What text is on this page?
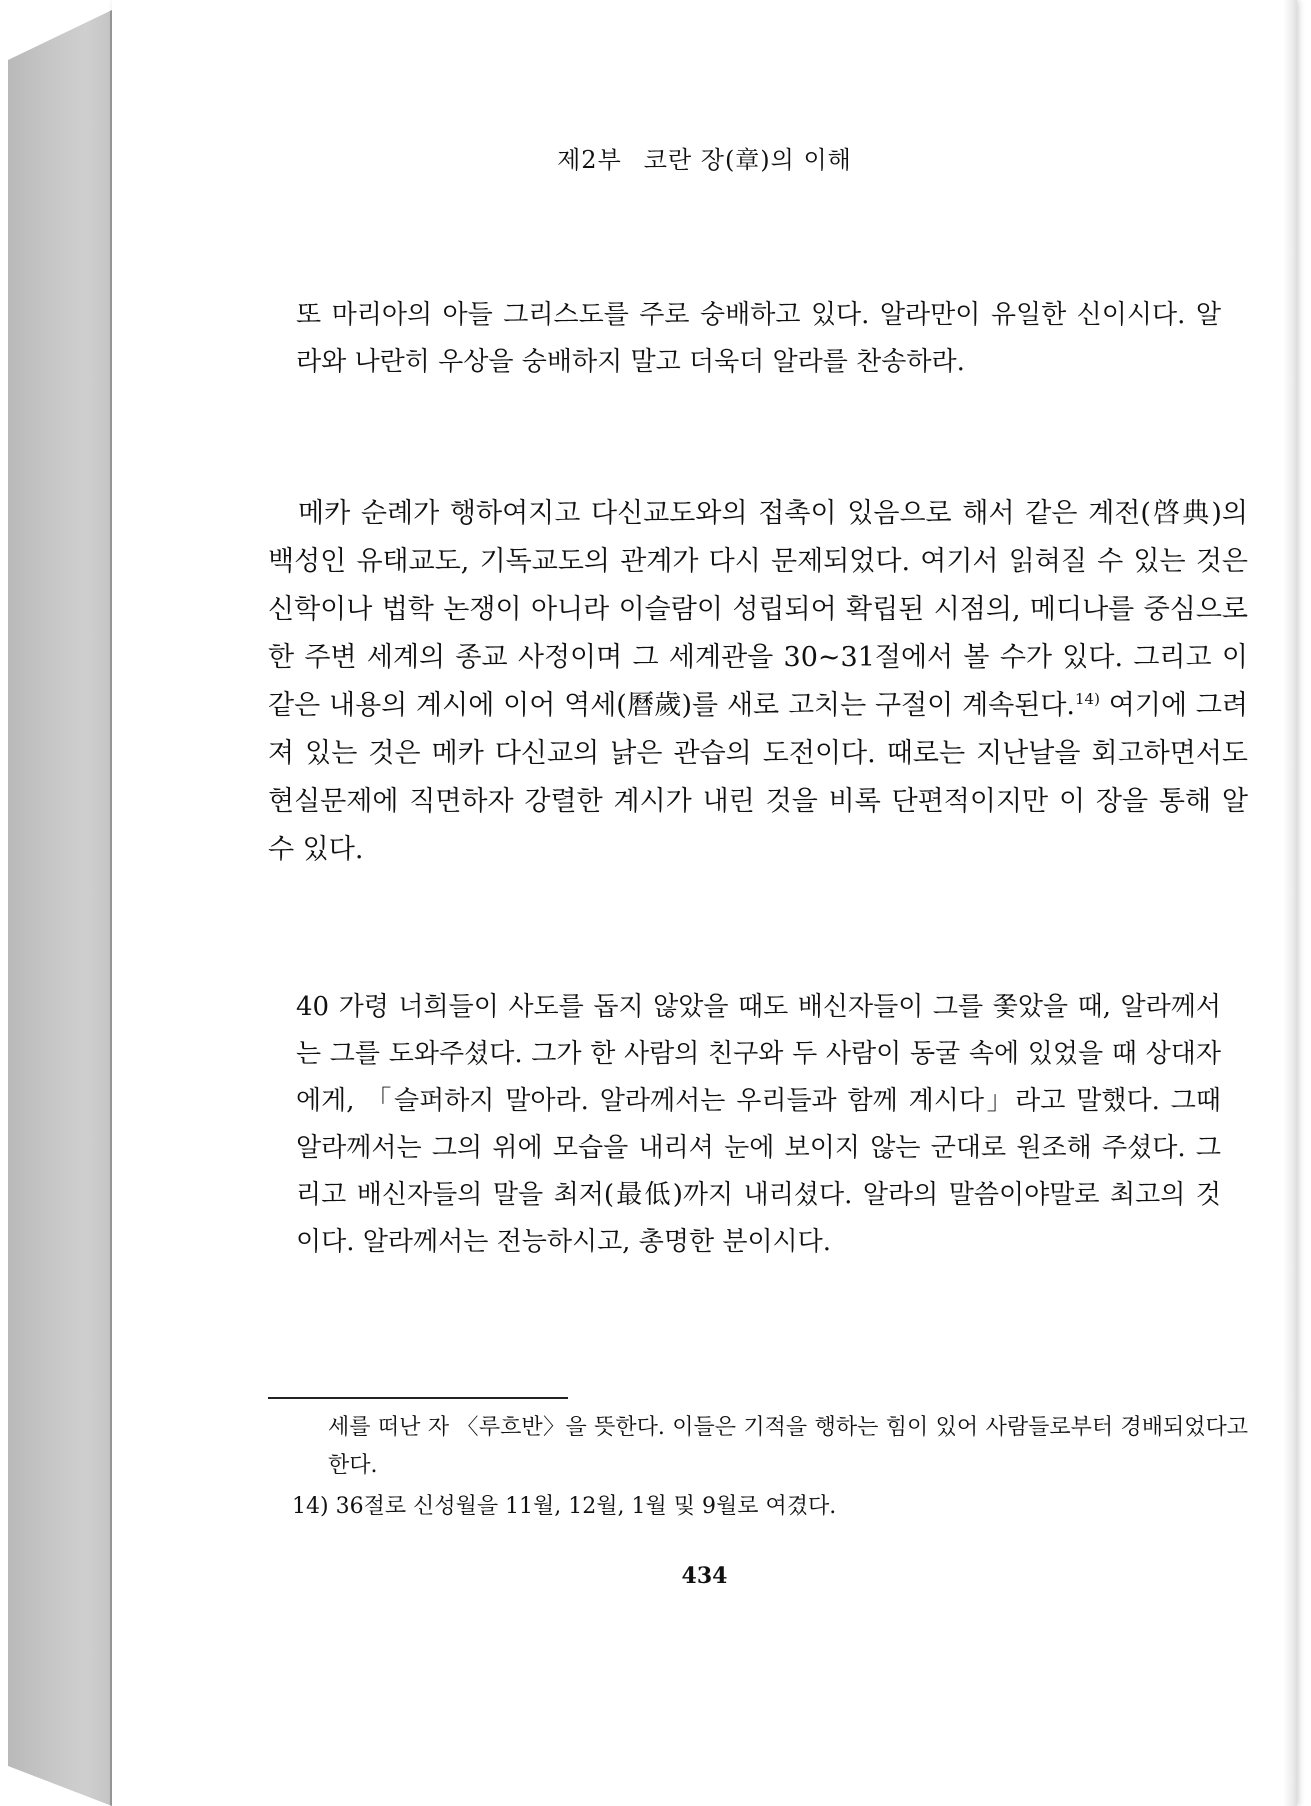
제2부 코란 장(章)의 이해

또 마리아의 아들 그리스도를 주로 숭배하고 있다. 알라만이 유일한 신이시다. 알라와 나란히 우상을 숭배하지 말고 더욱더 알라를 찬송하라.

메카 순례가 행하여지고 다신교도와의 접촉이 있음으로 해서 같은 계전(啓典)의 백성인 유태교도, 기독교도의 관계가 다시 문제되었다. 여기서 읽혀질 수 있는 것은 신학이나 법학 논쟁이 아니라 이슬람이 성립되어 확립된 시점의, 메디나를 중심으로 한 주변 세계의 종교 사정이며 그 세계관을 30~31절에서 볼 수가 있다. 그리고 이같은 내용의 계시에 이어 역세(曆歲)를 새로 고치는 구절이 계속된다.$^{14)}$ 여기에 그려져 있는 것은 메카 다신교의 낡은 관습의 도전이다. 때로는 지난날을 회고하면서도 현실문제에 직면하자 강렬한 계시가 내린 것을 비록 단편적이지만 이 장을 통해 알 수 있다.

40 가령 너희들이 사도를 돕지 않았을 때도 배신자들이 그를 쫓았을 때, 알라께서는 그를 도와주셨다. 그가 한 사람의 친구와 두 사람이 동굴 속에 있었을 때 상대자에게, 「슬퍼하지 말아라. 알라께서는 우리들과 함께 계시다」라고 말했다. 그때 알라께서는 그의 위에 모습을 내리셔 눈에 보이지 않는 군대로 원조해 주셨다. 그리고 배신자들의 말을 최저(最低)까지 내리셨다. 알라의 말씀이야말로 최고의 것이다. 알라께서는 전능하시고, 총명한 분이시다.

세를 떠난 자 〈루흐반〉을 뜻한다. 이들은 기적을 행하는 힘이 있어 사람들로부터 경배되었다고 한다.

14) 36절로 신성월을 11월, 12월, 1월 및 9월로 여겼다.

434
